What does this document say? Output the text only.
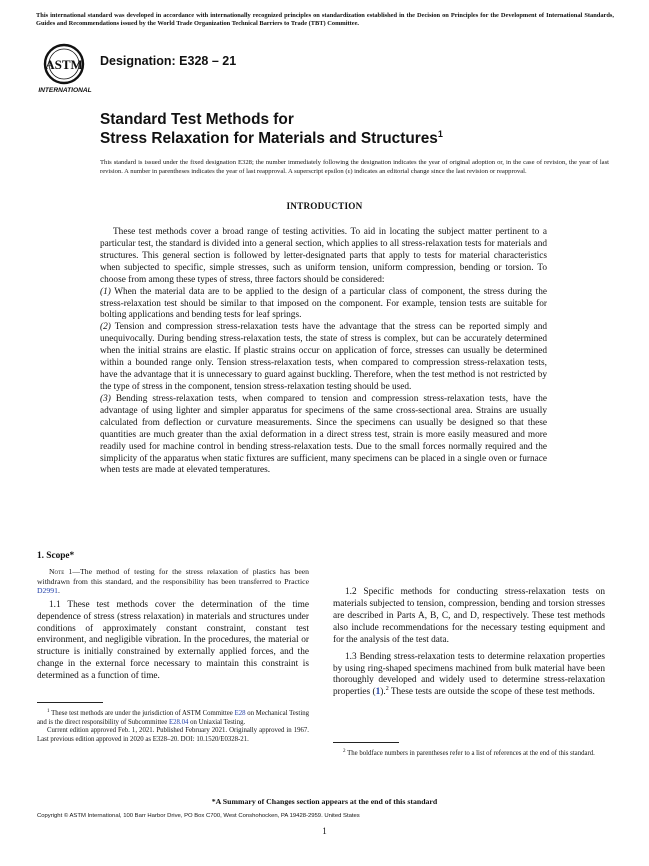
This international standard was developed in accordance with internationally recognized principles on standardization established in the Decision on Principles for the Development of International Standards, Guides and Recommendations issued by the World Trade Organization Technical Barriers to Trade (TBT) Committee.
ASTM
INTERNATIONAL
Designation: E328 – 21
Standard Test Methods for
Stress Relaxation for Materials and Structures$^1$
This standard is issued under the fixed designation E328; the number immediately following the designation indicates the year of original adoption or, in the case of revision, the year of last revision. A number in parentheses indicates the year of last reapproval. A superscript epsilon (ε) indicates an editorial change since the last revision or reapproval.
INTRODUCTION

These test methods cover a broad range of testing activities. To aid in locating the subject matter pertinent to a particular test, the standard is divided into a general section, which applies to all stress-relaxation tests for materials and structures. This general section is followed by letter-designated parts that apply to tests for material characteristics when subjected to specific, simple stresses, such as uniform tension, uniform compression, bending or torsion. To choose from among these types of stress, three factors should be considered:

(1) When the material data are to be applied to the design of a particular class of component, the stress during the stress-relaxation test should be similar to that imposed on the component. For example, tension tests are suitable for bolting applications and bending tests for leaf springs.

(2) Tension and compression stress-relaxation tests have the advantage that the stress can be reported simply and unequivocally. During bending stress-relaxation tests, the state of stress is complex, but can be accurately determined when the initial strains are elastic. If plastic strains occur on application of force, stresses can usually be determined within a bounded range only. Tension stress-relaxation tests, when compared to compression stress-relaxation tests, have the advantage that it is unnecessary to guard against buckling. Therefore, when the test method is not restricted by the type of stress in the component, tension stress-relaxation testing should be used.

(3) Bending stress-relaxation tests, when compared to tension and compression stress-relaxation tests, have the advantage of using lighter and simpler apparatus for specimens of the same cross-sectional area. Strains are usually calculated from deflection or curvature measurements. Since the specimens can usually be designed so that these quantities are much greater than the axial deformation in a direct stress test, strain is more easily measured and more readily used for machine control in bending stress-relaxation tests. Due to the small forces normally required and the simplicity of the apparatus when static fixtures are sufficient, many specimens can be placed in a single oven or furnace when tests are made at elevated temperatures.

1. Scope*

Note 1—The method of testing for the stress relaxation of plastics has been withdrawn from this standard, and the responsibility has been transferred to Practice D2991.

1.1 These test methods cover the determination of the time dependence of stress (stress relaxation) in materials and structures under conditions of approximately constant constraint, constant test environment, and negligible vibration. In the procedures, the material or structure is initially constrained by externally applied forces, and the change in the external force necessary to maintain this constraint is determined as a function of time.

$^1$ These test methods are under the jurisdiction of ASTM Committee E28 on Mechanical Testing and is the direct responsibility of Subcommittee E28.04 on Uniaxial Testing.

Current edition approved Feb. 1, 2021. Published February 2021. Originally approved in 1967. Last previous edition approved in 2020 as E328–20. DOI: 10.1520/E0328-21.

1.2 Specific methods for conducting stress-relaxation tests on materials subjected to tension, compression, bending and torsion stresses are described in Parts A, B, C, and D, respectively. These test methods also include recommendations for the necessary testing equipment and for the analysis of the test data.

1.3 Bending stress-relaxation tests to determine relaxation properties by using ring-shaped specimens machined from bulk material have been thoroughly developed and widely used to determine stress-relaxation properties (1).$^2$ These tests are outside the scope of these test methods.

$^2$ The boldface numbers in parentheses refer to a list of references at the end of this standard.

*A Summary of Changes section appears at the end of this standard
Copyright © ASTM International, 100 Barr Harbor Drive, PO Box C700, West Conshohocken, PA 19428-2959. United States
1
